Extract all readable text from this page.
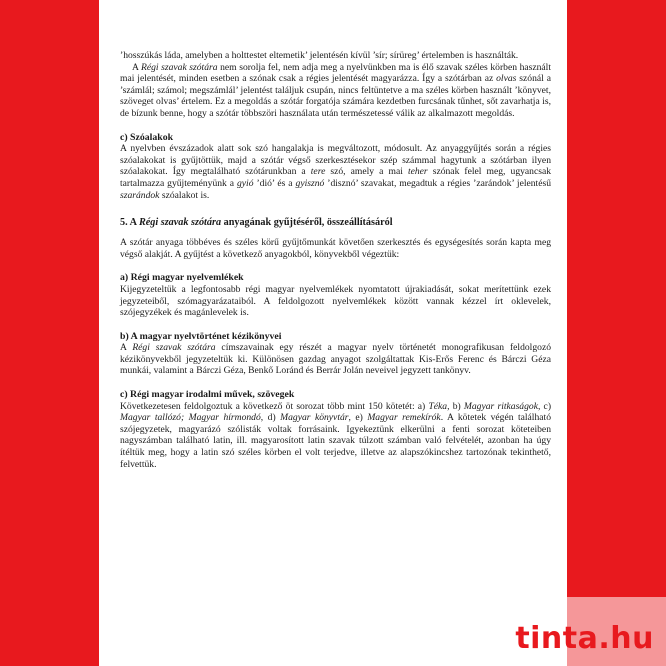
’hosszúkás láda, amelyben a holttestet eltemetik’ jelentésén kívül ’sír; sírüreg’ értelemben is használták.

A Régi szavak szótára nem sorolja fel, nem adja meg a nyelvünkben ma is élő szavak széles körben használt mai jelentését, minden esetben a szónak csak a régies jelentését magyarázza. Így a szótárban az olvas szónál a ’számlál; számol; megszámlál’ jelentést találjuk csupán, nincs feltüntetve a ma széles körben használt ’könyvet, szöveget olvas’ értelem. Ez a megoldás a szótár forgatója számára kezdetben furcsának tűnhet, sőt zavarhatja is, de bízunk benne, hogy a szótár többszöri használata után természetessé válik az alkalmazott megoldás.

c) Szóalakok

A nyelvben évszázadok alatt sok szó hangalakja is megváltozott, módosult. Az anyaggyűjtés során a régies szóalakokat is gyűjtöttük, majd a szótár végső szerkesztésekor szép számmal hagytunk a szótárban ilyen szóalakokat. Így megtalálható szótárunkban a tere szó, amely a mai teher szónak felel meg, ugyancsak tartalmazza gyűjteményünk a gyió ’dió’ és a gyisznó ’disznó’ szavakat, megadtuk a régies ’zarándok’ jelentésű szarándok szóalakot is.

5. A Régi szavak szótára anyagának gyűjtéséről, összeállításáról

A szótár anyaga többéves és széles körű gyűjtőmunkát követően szerkesztés és egységesítés során kapta meg végső alakját. A gyűjtést a következő anyagokból, könyvekből végeztük:

a) Régi magyar nyelvemlékek

Kijegyzeteltük a legfontosabb régi magyar nyelvemlékek nyomtatott újrakiadását, sokat merítettünk ezek jegyzeteiből, szómagyarázataiból. A feldolgozott nyelvemlékek között vannak kézzel írt oklevelek, szójegyzékek és magánlevelek is.

b) A magyar nyelvtörténet kézikönyvei

A Régi szavak szótára címszavainak egy részét a magyar nyelv történetét monografikusan feldolgozó kézikönyvekből jegyzeteltük ki. Különösen gazdag anyagot szolgáltattak Kis-Erős Ferenc és Bárczi Géza munkái, valamint a Bárczi Géza, Benkő Loránd és Berrár Jolán neveivel jegyzett tankönyv.

c) Régi magyar irodalmi művek, szövegek

Következetesen feldolgoztuk a következő öt sorozat több mint 150 kötetét: a) Téka, b) Magyar ritkaságok, c) Magyar tallózó; Magyar hírmondó, d) Magyar könyvtár, e) Magyar remekírók. A kötetek végén található szójegyzetek, magyarázó szólisták voltak forrásaink. Igyekeztünk elkerülni a fenti sorozat köteteiben nagyszámban található latin, ill. magyarosított latin szavak túlzott számban való felvételét, azonban ha úgy ítéltük meg, hogy a latin szó széles körben el volt terjedve, illetve az alapszókincshez tartozónak tekinthető, felvettük.

tinta.hu
